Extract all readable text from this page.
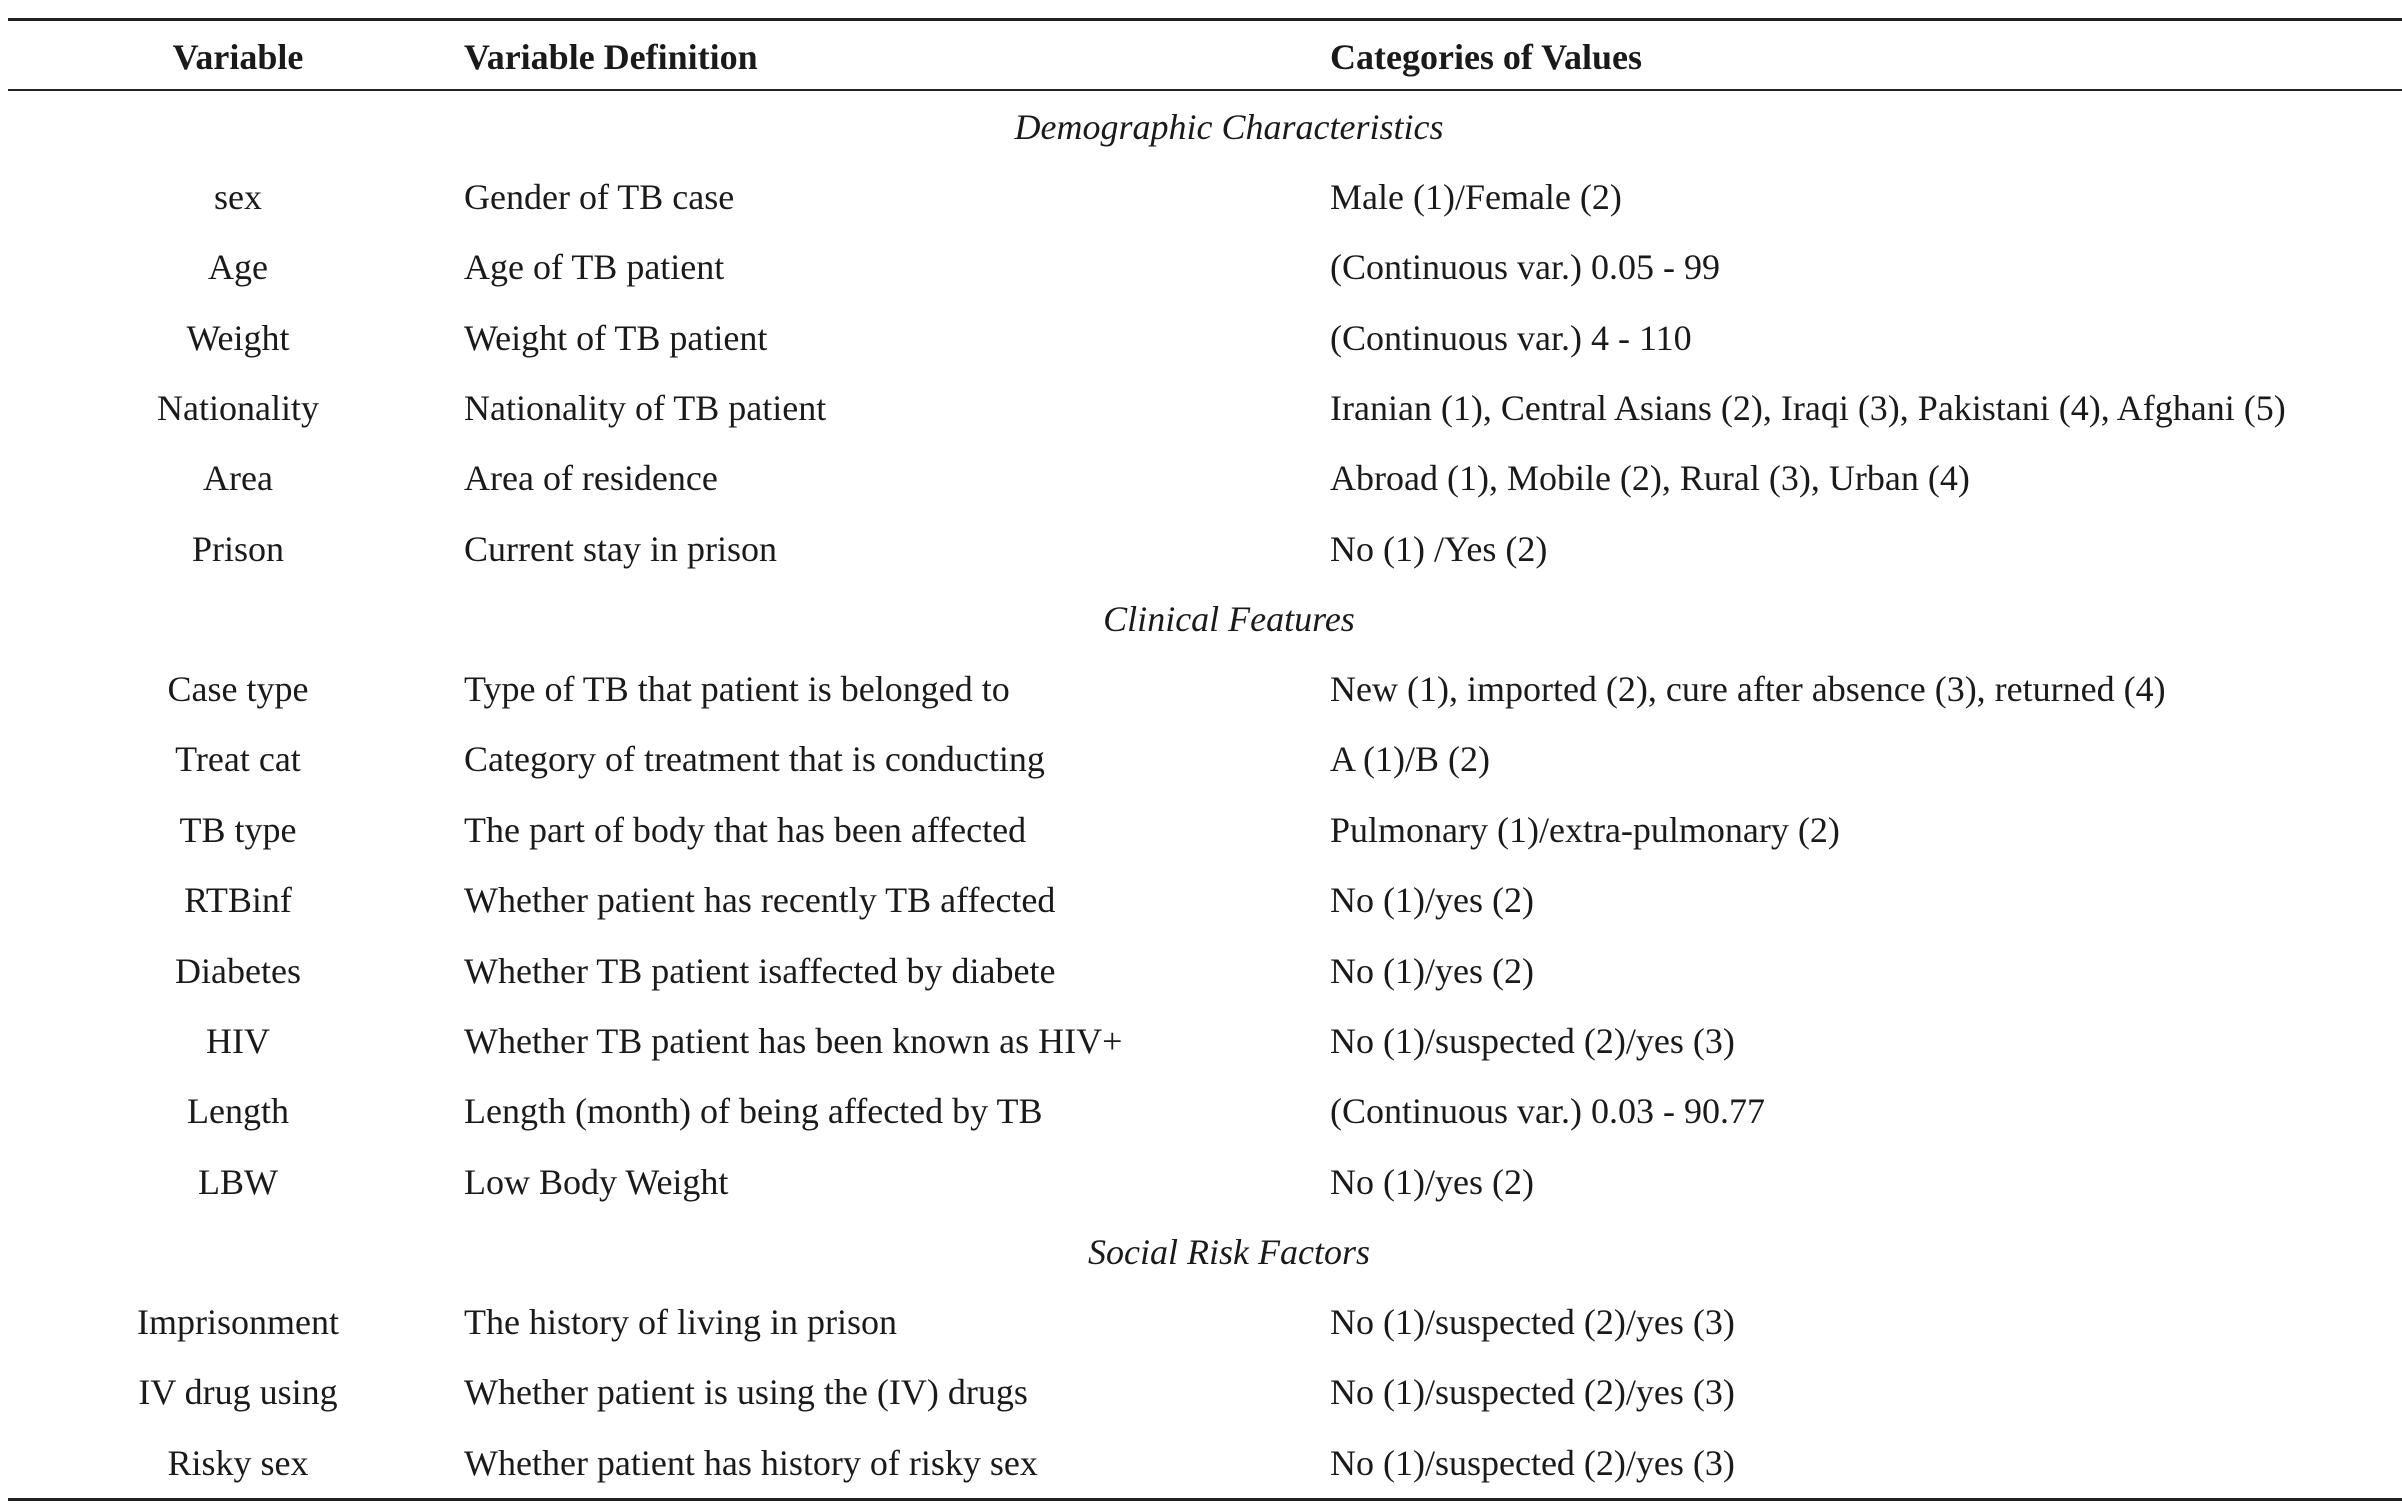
Variable	Variable Definition	Categories of Values
Demographic Characteristics
sex	Gender of TB case	Male (1)/Female (2)
Age	Age of TB patient	(Continuous var.) 0.05 - 99
Weight	Weight of TB patient	(Continuous var.) 4 - 110
Nationality	Nationality of TB patient	Iranian (1), Central Asians (2), Iraqi (3), Pakistani (4), Afghani (5)
Area	Area of residence	Abroad (1), Mobile (2), Rural (3), Urban (4)
Prison	Current stay in prison	No (1) /Yes (2)
Clinical Features
Case type	Type of TB that patient is belonged to	New (1), imported (2), cure after absence (3), returned (4)
Treat cat	Category of treatment that is conducting	A (1)/B (2)
TB type	The part of body that has been affected	Pulmonary (1)/extra-pulmonary (2)
RTBinf	Whether patient has recently TB affected	No (1)/yes (2)
Diabetes	Whether TB patient isaffected by diabete	No (1)/yes (2)
HIV	Whether TB patient has been known as HIV+	No (1)/suspected (2)/yes (3)
Length	Length (month) of being affected by TB	(Continuous var.) 0.03 - 90.77
LBW	Low Body Weight	No (1)/yes (2)
Social Risk Factors
Imprisonment	The history of living in prison	No (1)/suspected (2)/yes (3)
IV drug using	Whether patient is using the (IV) drugs	No (1)/suspected (2)/yes (3)
Risky sex	Whether patient has history of risky sex	No (1)/suspected (2)/yes (3)
